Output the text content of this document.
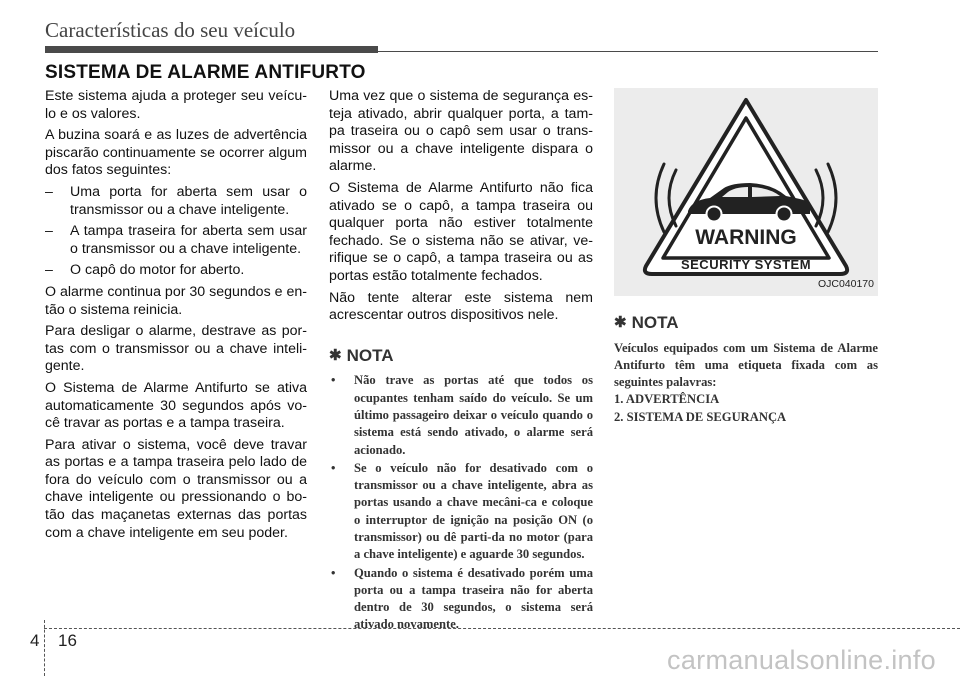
Características do seu veículo
SISTEMA DE ALARME ANTIFURTO

Este sistema ajuda a proteger seu veícu-lo e os valores.

A buzina soará e as luzes de advertência piscarão continuamente se ocorrer algum dos fatos seguintes:

– Uma porta for aberta sem usar o transmissor ou a chave inteligente.
– A tampa traseira for aberta sem usar o transmissor ou a chave inteligente.
– O capô do motor for aberto.

O alarme continua por 30 segundos e en-tão o sistema reinicia.

Para desligar o alarme, destrave as por-tas com o transmissor ou a chave inteli-gente.

O Sistema de Alarme Antifurto se ativa automaticamente 30 segundos após vo-cê travar as portas e a tampa traseira.

Para ativar o sistema, você deve travar as portas e a tampa traseira pelo lado de fora do veículo com o transmissor ou a chave inteligente ou pressionando o bo-tão das maçanetas externas das portas com a chave inteligente em seu poder.

Uma vez que o sistema de segurança es-teja ativado, abrir qualquer porta, a tam-pa traseira ou o capô sem usar o trans-missor ou a chave inteligente dispara o alarme.

O Sistema de Alarme Antifurto não fica ativado se o capô, a tampa traseira ou qualquer porta não estiver totalmente fechado. Se o sistema não se ativar, ve-rifique se o capô, a tampa traseira ou as portas estão totalmente fechados.

Não tente alterar este sistema nem acrescentar outros dispositivos nele.

✱ NOTA
• Não trave as portas até que todos os ocupantes tenham saído do veículo. Se um último passageiro deixar o veículo quando o sistema está sendo ativado, o alarme será acionado.
• Se o veículo não for desativado com o transmissor ou a chave inteligente, abra as portas usando a chave mecâni-ca e coloque o interruptor de ignição na posição ON (o transmissor) ou dê parti-da no motor (para a chave inteligente) e aguarde 30 segundos.
• Quando o sistema é desativado porém uma porta ou a tampa traseira não for aberta dentro de 30 segundos, o sistema será ativado novamente.
WARNING
SECURITY SYSTEM
OJC040170
✱ NOTA
Veículos equipados com um Sistema de Alarme Antifurto têm uma etiqueta fixada com as seguintes palavras:
1. ADVERTÊNCIA
2. SISTEMA DE SEGURANÇA
4 16
carmanualsonline.info
